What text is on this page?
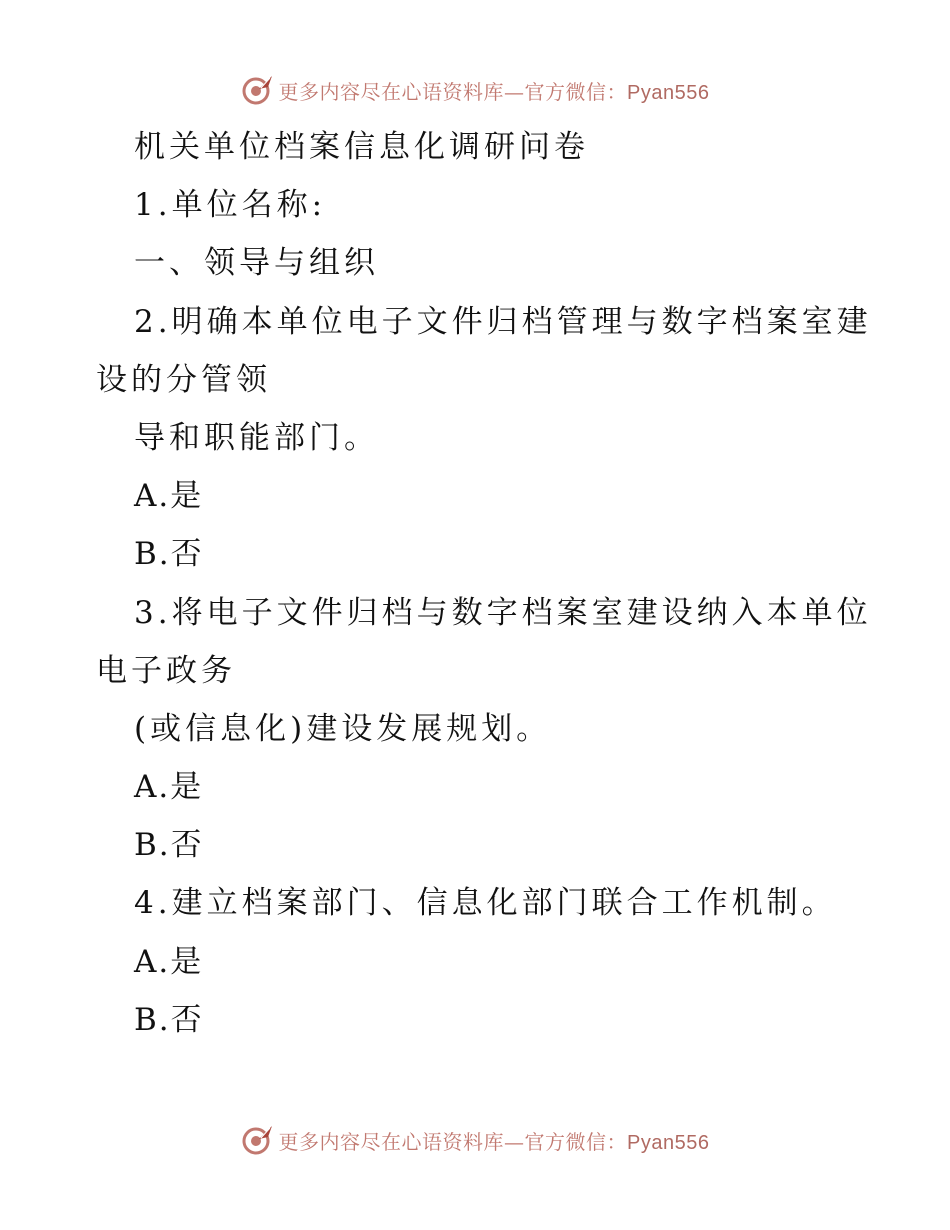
更多内容尽在心语资料库—官方微信：Pyan556
机关单位档案信息化调研问卷
1.单位名称:
一、领导与组织
2.明确本单位电子文件归档管理与数字档案室建
设的分管领
导和职能部门。
A.是
B.否
3.将电子文件归档与数字档案室建设纳入本单位
电子政务
(或信息化)建设发展规划。
A.是
B.否
4.建立档案部门、信息化部门联合工作机制。
A.是
B.否
更多内容尽在心语资料库—官方微信：Pyan556
